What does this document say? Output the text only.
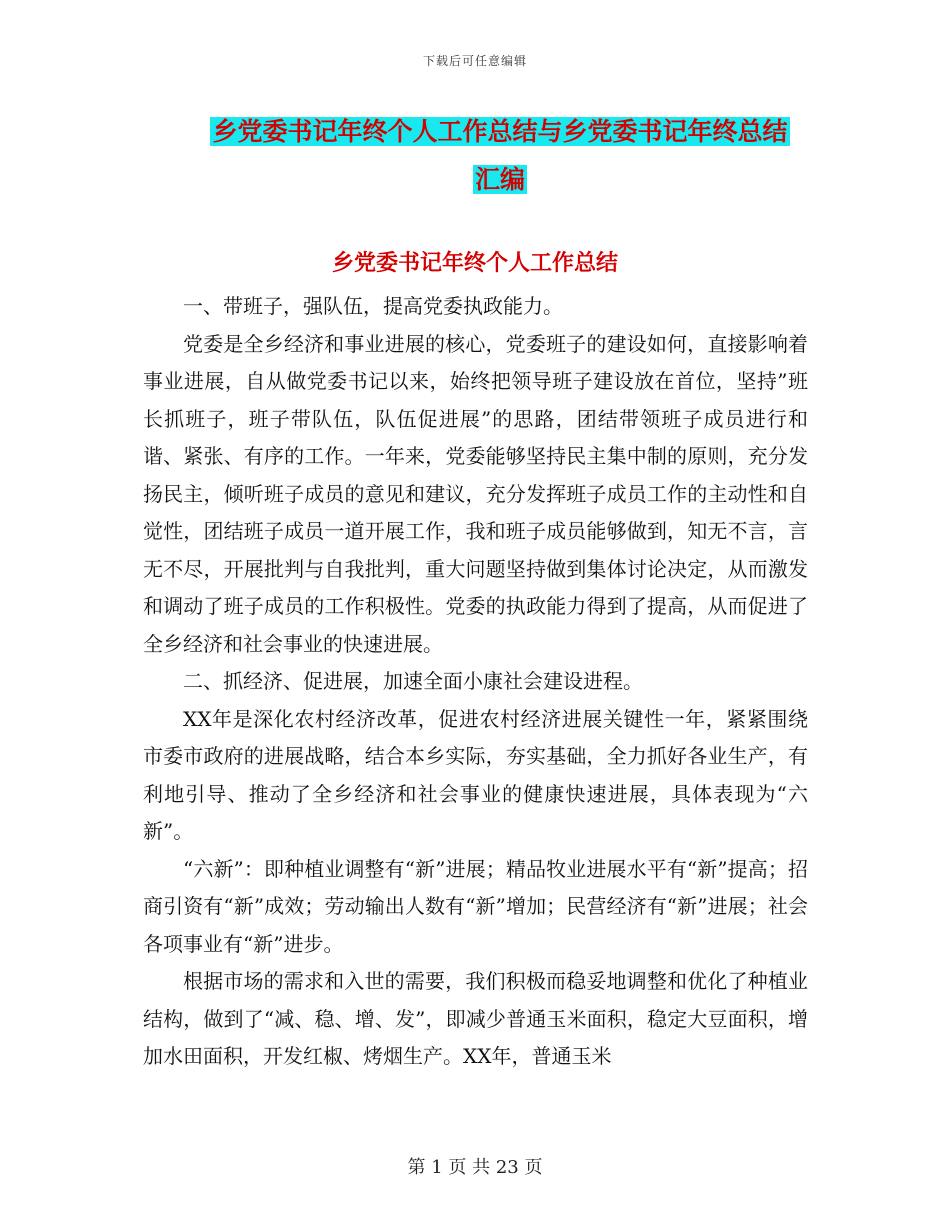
下载后可任意编辑
乡党委书记年终个人工作总结与乡党委书记年终总结
汇编
乡党委书记年终个人工作总结

一、带班子，强队伍，提高党委执政能力。

党委是全乡经济和事业进展的核心，党委班子的建设如何，直接影响着事业进展，自从做党委书记以来，始终把领导班子建设放在首位，坚持”班长抓班子，班子带队伍，队伍促进展”的思路，团结带领班子成员进行和谐、紧张、有序的工作。一年来，党委能够坚持民主集中制的原则，充分发扬民主，倾听班子成员的意见和建议，充分发挥班子成员工作的主动性和自觉性，团结班子成员一道开展工作，我和班子成员能够做到，知无不言，言无不尽，开展批判与自我批判，重大问题坚持做到集体讨论决定，从而激发和调动了班子成员的工作积极性。党委的执政能力得到了提高，从而促进了全乡经济和社会事业的快速进展。

二、抓经济、促进展，加速全面小康社会建设进程。

XX年是深化农村经济改革，促进农村经济进展关键性一年，紧紧围绕市委市政府的进展战略，结合本乡实际，夯实基础，全力抓好各业生产，有利地引导、推动了全乡经济和社会事业的健康快速进展，具体表现为“六新”。

“六新”：即种植业调整有“新”进展；精品牧业进展水平有“新”提高；招商引资有“新”成效；劳动输出人数有“新”增加；民营经济有“新”进展；社会各项事业有“新”进步。

根据市场的需求和入世的需要，我们积极而稳妥地调整和优化了种植业结构，做到了“减、稳、增、发”，即减少普通玉米面积，稳定大豆面积，增加水田面积，开发红椒、烤烟生产。XX年，普通玉米

第 1 页 共 23 页
